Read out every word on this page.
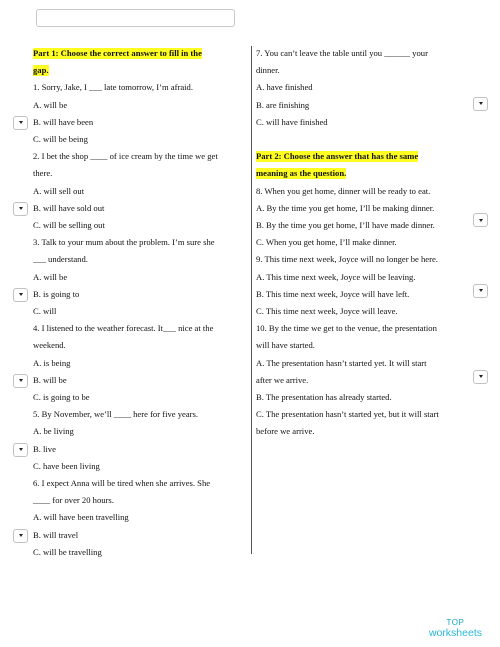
TOP
worksheets
Part 1: Choose the correct answer to fill in the
gap.
1. Sorry, Jake, I ___ late tomorrow, I’m afraid.
A. will be
B. will have been
C. will be being
2. I bet the shop ____ of ice cream by the time we get
there.
A. will sell out
B. will have sold out
C. will be selling out
3. Talk to your mum about the problem. I’m sure she
___ understand.
A. will be
B. is going to
C. will
4. I listened to the weather forecast. It___ nice at the
weekend.
A. is being
B. will be
C. is going to be
5. By November, we’ll ____ here for five years.
A. be living
B. live
C. have been living
6. I expect Anna will be tired when she arrives. She
____ for over 20 hours.
A. will have been travelling
B. will travel
C. will be travelling
7. You can’t leave the table until you ______ your
dinner.
A. have finished
B. are finishing
C. will have finished
Part 2: Choose the answer that has the same
meaning as the question.
8. When you get home, dinner will be ready to eat.
A. By the time you get home, I’ll be making dinner.
B. By the time you get home, I’ll have made dinner.
C. When you get home, I’ll make dinner.
9. This time next week, Joyce will no longer be here.
A. This time next week, Joyce will be leaving.
B. This time next week, Joyce will have left.
C. This time next week, Joyce will leave.
10. By the time we get to the venue, the presentation
will have started.
A. The presentation hasn’t started yet. It will start
after we arrive.
B. The presentation has already started.
C. The presentation hasn’t started yet, but it will start
before we arrive.
